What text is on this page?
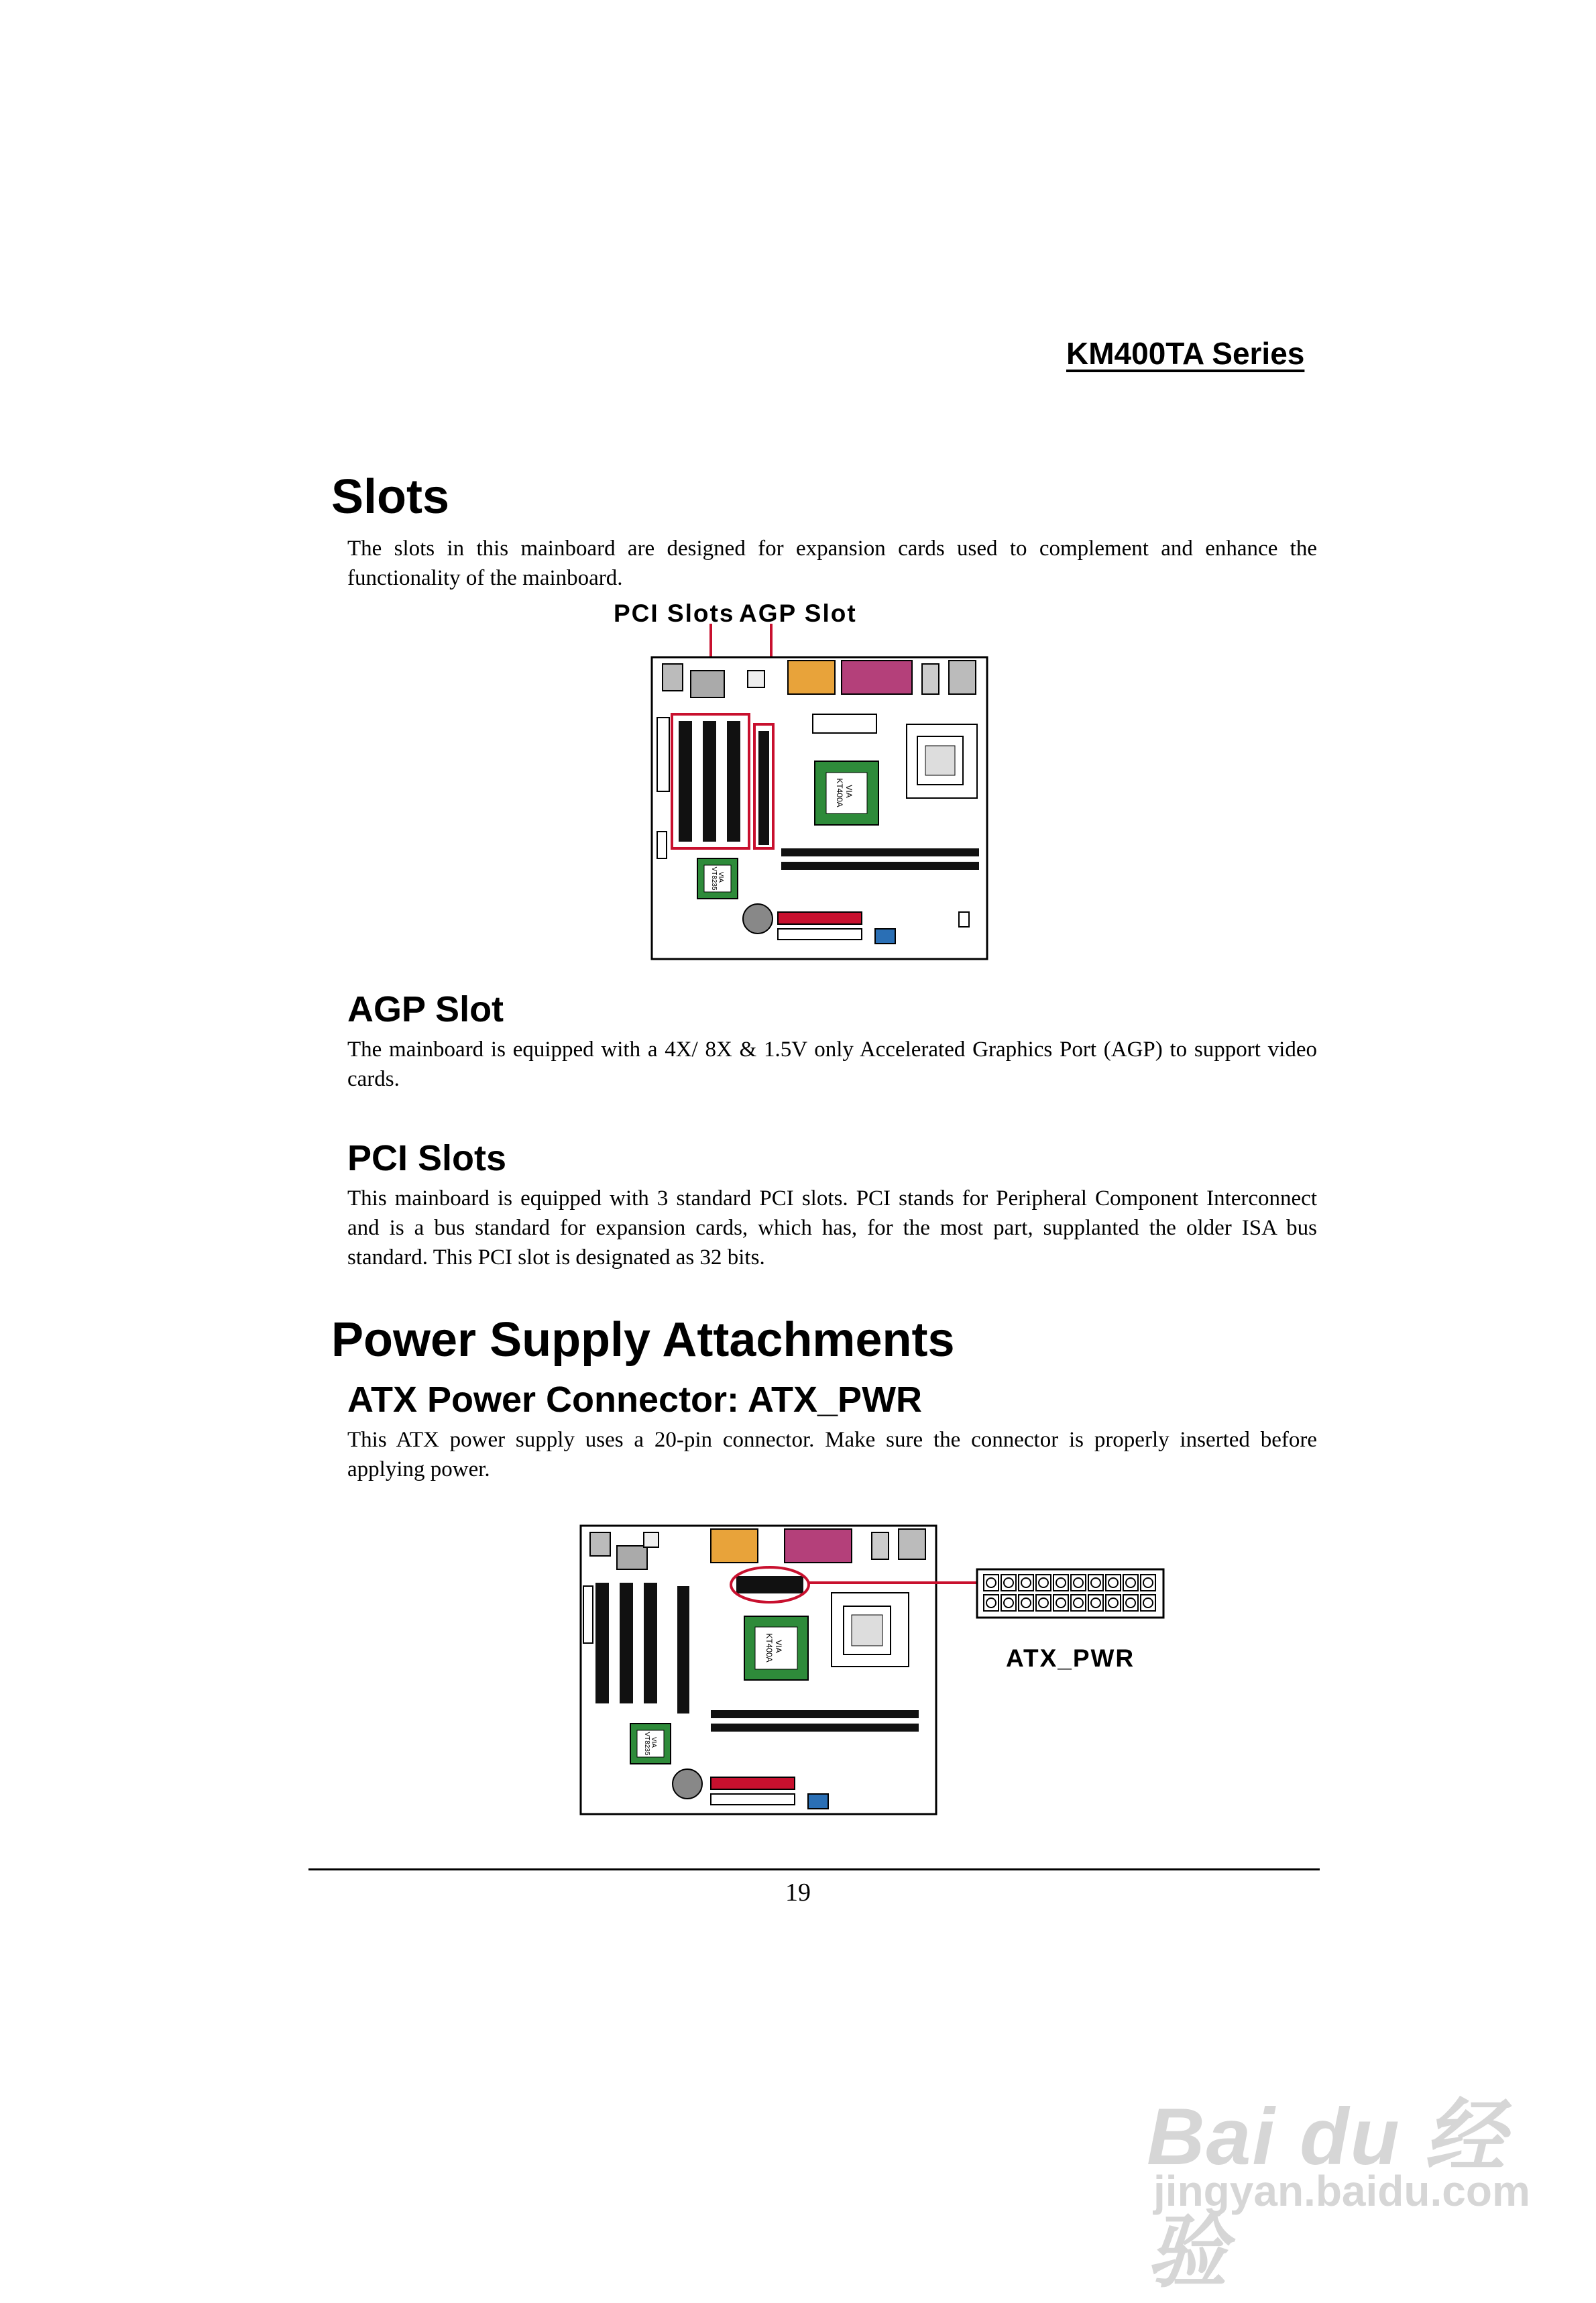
KM400TA Series
Slots
The slots in this mainboard are designed for expansion cards used to complement and enhance the functionality of the mainboard.
PCI Slots AGP Slot
VIA
KT400A
VIA
VT8235
AGP Slot
The mainboard is equipped with a 4X/ 8X & 1.5V only Accelerated Graphics Port (AGP) to support video cards.
PCI Slots
This mainboard is equipped with 3 standard PCI slots. PCI stands for Peripheral Component Interconnect and is a bus standard for expansion cards, which has, for the most part, supplanted the older ISA bus standard. This PCI slot is designated as 32 bits.
Power Supply Attachments
ATX Power Connector: ATX_PWR
This ATX power supply uses a 20-pin connector. Make sure the connector is properly inserted before applying power.
VIA
KT400A
VIA
VT8235
ATX_PWR
19
Bai du 经验
jingyan.baidu.com
